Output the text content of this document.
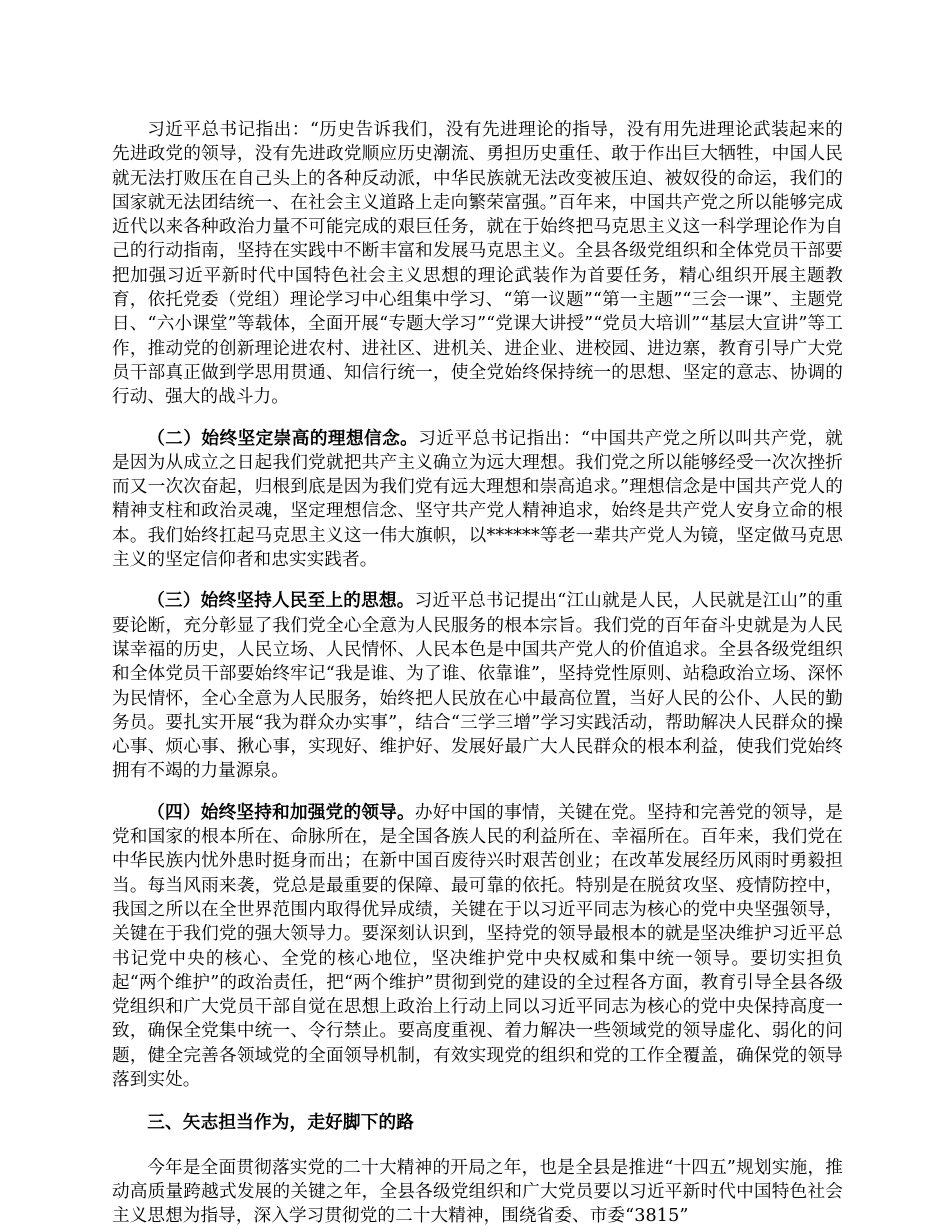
习近平总书记指出：“历史告诉我们，没有先进理论的指导，没有用先进理论武装起来的先进政党的领导，没有先进政党顺应历史潮流、勇担历史重任、敢于作出巨大牺牲，中国人民就无法打败压在自己头上的各种反动派，中华民族就无法改变被压迫、被奴役的命运，我们的国家就无法团结统一、在社会主义道路上走向繁荣富强。”百年来，中国共产党之所以能够完成近代以来各种政治力量不可能完成的艰巨任务，就在于始终把马克思主义这一科学理论作为自己的行动指南，坚持在实践中不断丰富和发展马克思主义。全县各级党组织和全体党员干部要把加强习近平新时代中国特色社会主义思想的理论武装作为首要任务，精心组织开展主题教育，依托党委（党组）理论学习中心组集中学习、“第一议题”“第一主题”“三会一课”、主题党日、“六小课堂”等载体，全面开展“专题大学习”“党课大讲授”“党员大培训”“基层大宣讲”等工作，推动党的创新理论进农村、进社区、进机关、进企业、进校园、进边寨，教育引导广大党员干部真正做到学思用贯通、知信行统一，使全党始终保持统一的思想、坚定的意志、协调的行动、强大的战斗力。

（二）始终坚定崇高的理想信念。习近平总书记指出：“中国共产党之所以叫共产党，就是因为从成立之日起我们党就把共产主义确立为远大理想。我们党之所以能够经受一次次挫折而又一次次奋起，归根到底是因为我们党有远大理想和崇高追求。”理想信念是中国共产党人的精神支柱和政治灵魂，坚定理想信念、坚守共产党人精神追求，始终是共产党人安身立命的根本。我们始终扛起马克思主义这一伟大旗帜，以******等老一辈共产党人为镜，坚定做马克思主义的坚定信仰者和忠实实践者。

（三）始终坚持人民至上的思想。习近平总书记提出“江山就是人民，人民就是江山”的重要论断，充分彰显了我们党全心全意为人民服务的根本宗旨。我们党的百年奋斗史就是为人民谋幸福的历史，人民立场、人民情怀、人民本色是中国共产党人的价值追求。全县各级党组织和全体党员干部要始终牢记“我是谁、为了谁、依靠谁”，坚持党性原则、站稳政治立场、深怀为民情怀，全心全意为人民服务，始终把人民放在心中最高位置，当好人民的公仆、人民的勤务员。要扎实开展“我为群众办实事”，结合“三学三增”学习实践活动，帮助解决人民群众的操心事、烦心事、揪心事，实现好、维护好、发展好最广大人民群众的根本利益，使我们党始终拥有不竭的力量源泉。

（四）始终坚持和加强党的领导。办好中国的事情，关键在党。坚持和完善党的领导，是党和国家的根本所在、命脉所在，是全国各族人民的利益所在、幸福所在。百年来，我们党在中华民族内忧外患时挺身而出；在新中国百废待兴时艰苦创业；在改革发展经历风雨时勇毅担当。每当风雨来袭，党总是最重要的保障、最可靠的依托。特别是在脱贫攻坚、疫情防控中，我国之所以在全世界范围内取得优异成绩，关键在于以习近平同志为核心的党中央坚强领导，关键在于我们党的强大领导力。要深刻认识到，坚持党的领导最根本的就是坚决维护习近平总书记党中央的核心、全党的核心地位，坚决维护党中央权威和集中统一领导。要切实担负起“两个维护”的政治责任，把“两个维护”贯彻到党的建设的全过程各方面，教育引导全县各级党组织和广大党员干部自觉在思想上政治上行动上同以习近平同志为核心的党中央保持高度一致，确保全党集中统一、令行禁止。要高度重视、着力解决一些领域党的领导虚化、弱化的问题，健全完善各领域党的全面领导机制，有效实现党的组织和党的工作全覆盖，确保党的领导落到实处。

三、矢志担当作为，走好脚下的路

今年是全面贯彻落实党的二十大精神的开局之年，也是全县是推进“十四五”规划实施，推动高质量跨越式发展的关键之年，全县各级党组织和广大党员要以习近平新时代中国特色社会主义思想为指导，深入学习贯彻党的二十大精神，围绕省委、市委“3815”
